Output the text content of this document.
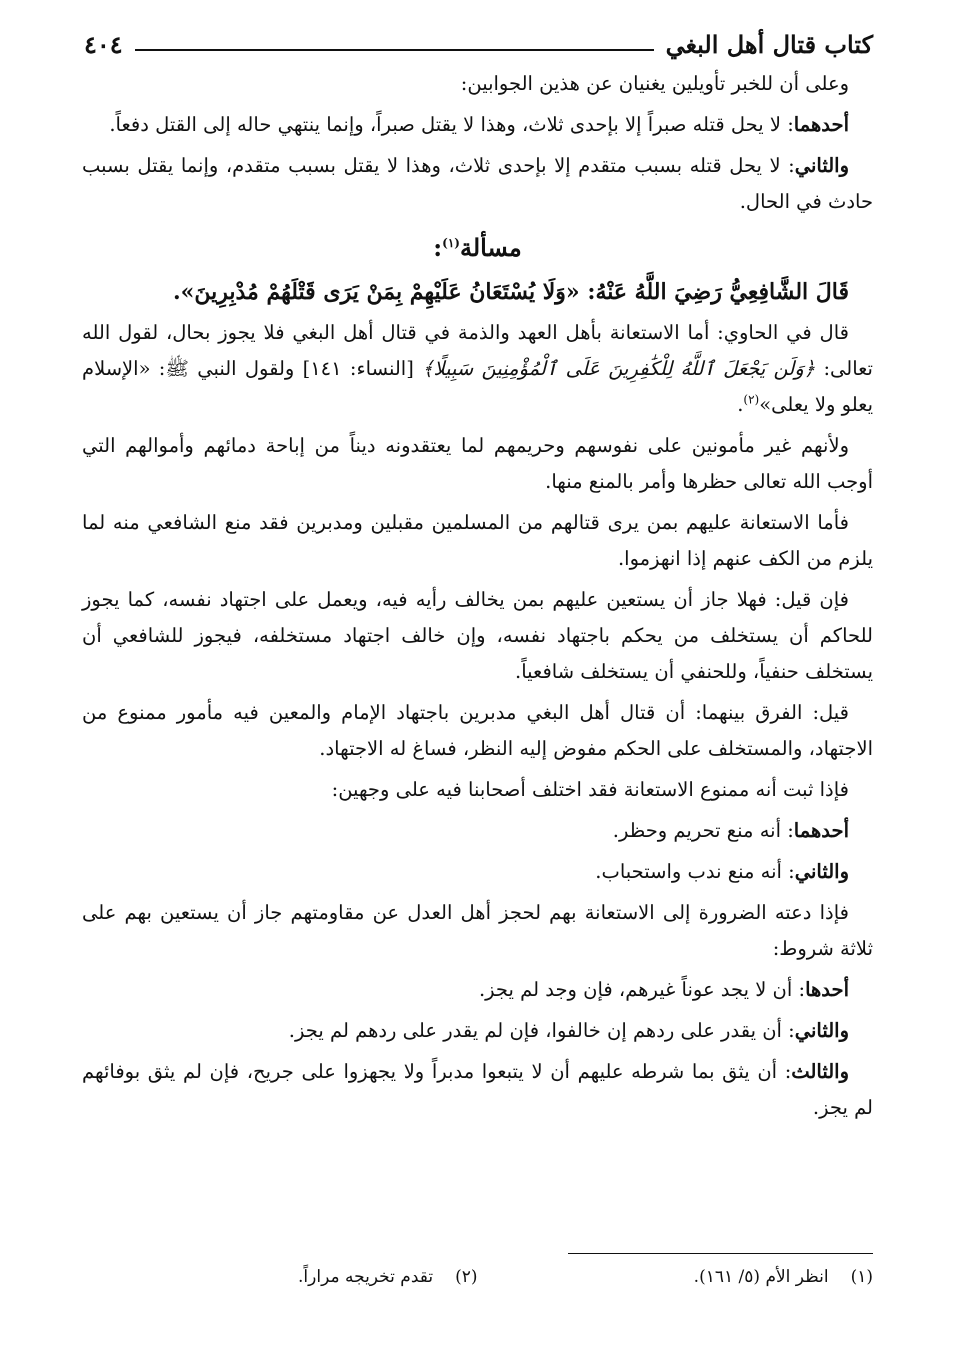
كتاب قتال أهل البغي
٤٠٤

وعلى أن للخبر تأويلين يغنيان عن هذين الجوابين:

أحدهما: لا يحل قتله صبراً إلا بإحدى ثلاث، وهذا لا يقتل صبراً، وإنما ينتهي حاله إلى القتل دفعاً.

والثاني: لا يحل قتله بسبب متقدم إلا بإحدى ثلاث، وهذا لا يقتل بسبب متقدم، وإنما يقتل بسبب حادث في الحال.

مسألة$^{(١)}$:

قَالَ الشَّافِعِيُّ رَضِيَ اللَّهُ عَنْهُ: «وَلَا يُسْتَعَانُ عَلَيْهِمْ بِمَنْ يَرَى قَتْلَهُمْ مُدْبِرِينَ».

قال في الحاوي: أما الاستعانة بأهل العهد والذمة في قتال أهل البغي فلا يجوز بحال، لقول الله تعالى: ﴿وَلَن يَجْعَلَ ٱللَّهُ لِلْكَٰفِرِينَ عَلَى ٱلْمُؤْمِنِينَ سَبِيلًا﴾ [النساء: ١٤١] ولقول النبي ﷺ: «الإسلام يعلو ولا يعلى»$^{(٢)}$.

ولأنهم غير مأمونين على نفوسهم وحريمهم لما يعتقدونه ديناً من إباحة دمائهم وأموالهم التي أوجب الله تعالى حظرها وأمر بالمنع منها.

فأما الاستعانة عليهم بمن يرى قتالهم من المسلمين مقبلين ومدبرين فقد منع الشافعي منه لما يلزم من الكف عنهم إذا انهزموا.

فإن قيل: فهلا جاز أن يستعين عليهم بمن يخالف رأيه فيه، ويعمل على اجتهاد نفسه، كما يجوز للحاكم أن يستخلف من يحكم باجتهاد نفسه، وإن خالف اجتهاد مستخلفه، فيجوز للشافعي أن يستخلف حنفياً، وللحنفي أن يستخلف شافعياً.

قيل: الفرق بينهما: أن قتال أهل البغي مدبرين باجتهاد الإمام والمعين فيه مأمور ممنوع من الاجتهاد، والمستخلف على الحكم مفوض إليه النظر، فساغ له الاجتهاد.

فإذا ثبت أنه ممنوع الاستعانة فقد اختلف أصحابنا فيه على وجهين:

أحدهما: أنه منع تحريم وحظر.

والثاني: أنه منع ندب واستحباب.

فإذا دعته الضرورة إلى الاستعانة بهم لحجز أهل العدل عن مقاومتهم جاز أن يستعين بهم على ثلاثة شروط:

أحدها: أن لا يجد عوناً غيرهم، فإن وجد لم يجز.

والثاني: أن يقدر على ردهم إن خالفوا، فإن لم يقدر على ردهم لم يجز.

والثالث: أن يثق بما شرطه عليهم أن لا يتبعوا مدبراً ولا يجهزوا على جريح، فإن لم يثق بوفائهم لم يجز.

(١)انظر الأم (٥/ ١٦١).
(٢)تقدم تخريجه مراراً.
